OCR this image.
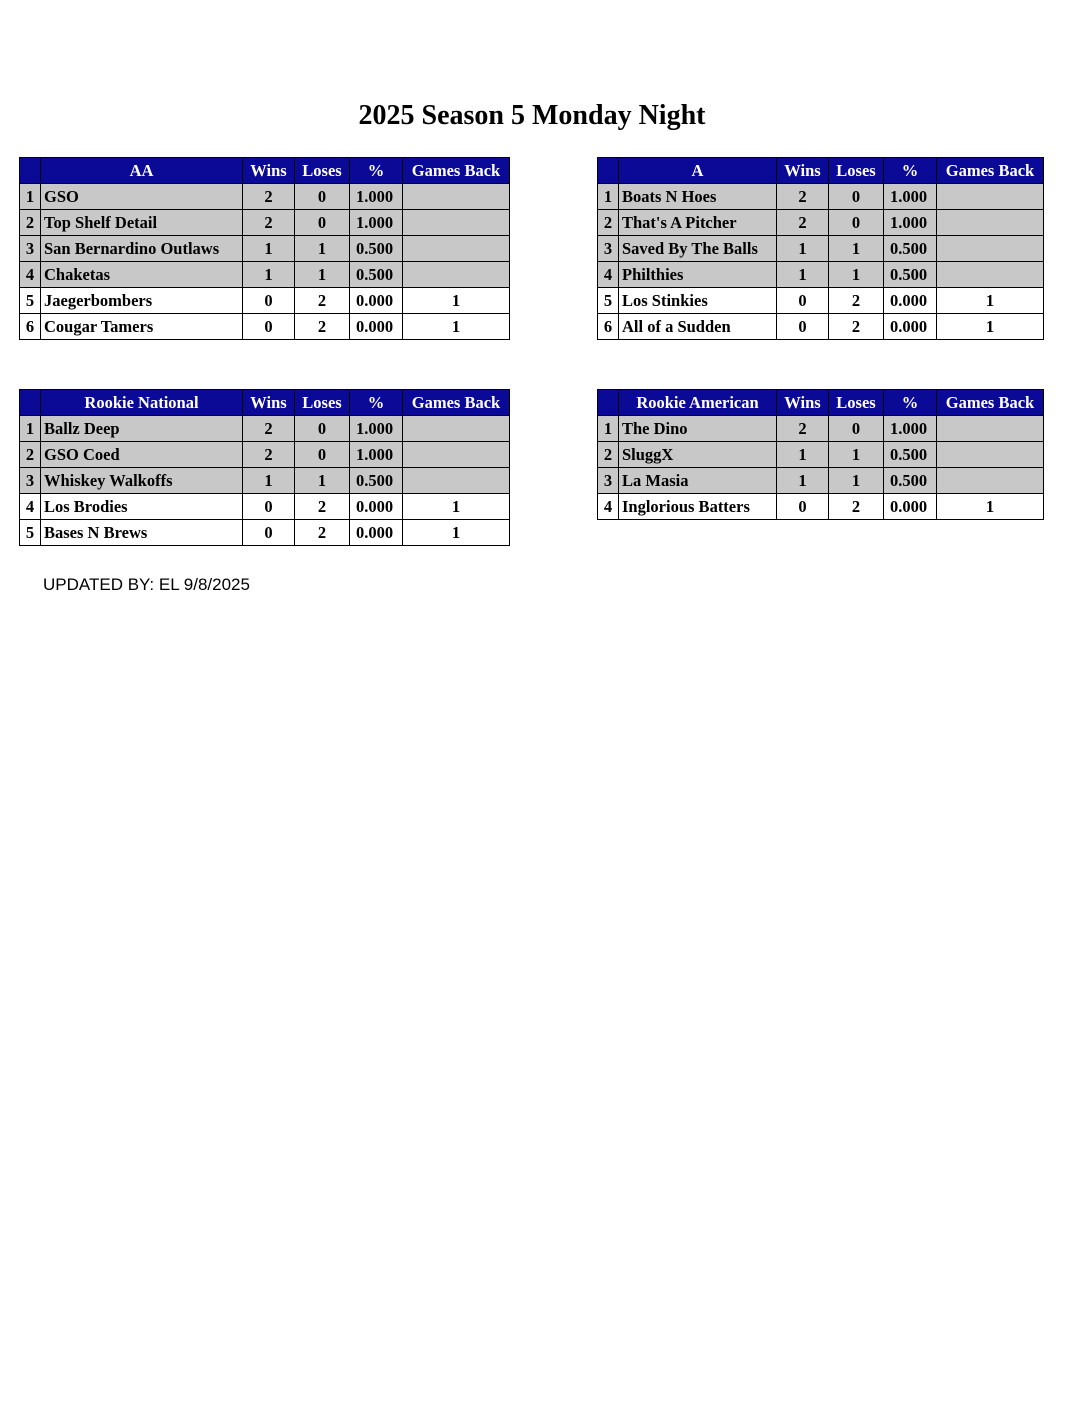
2025 Season 5 Monday Night
	AA	Wins	Loses	%	Games Back
1	GSO	2	0	1.000	
2	Top Shelf Detail	2	0	1.000	
3	San Bernardino Outlaws	1	1	0.500	
4	Chaketas	1	1	0.500	
5	Jaegerbombers	0	2	0.000	1
6	Cougar Tamers	0	2	0.000	1
	A	Wins	Loses	%	Games Back
1	Boats N Hoes	2	0	1.000	
2	That's A Pitcher	2	0	1.000	
3	Saved By The Balls	1	1	0.500	
4	Philthies	1	1	0.500	
5	Los Stinkies	0	2	0.000	1
6	All of a Sudden	0	2	0.000	1
	Rookie National	Wins	Loses	%	Games Back
1	Ballz Deep	2	0	1.000	
2	GSO Coed	2	0	1.000	
3	Whiskey Walkoffs	1	1	0.500	
4	Los Brodies	0	2	0.000	1
5	Bases N Brews	0	2	0.000	1
	Rookie American	Wins	Loses	%	Games Back
1	The Dino	2	0	1.000	
2	SluggX	1	1	0.500	
3	La Masia	1	1	0.500	
4	Inglorious Batters	0	2	0.000	1
UPDATED BY: EL 9/8/2025
